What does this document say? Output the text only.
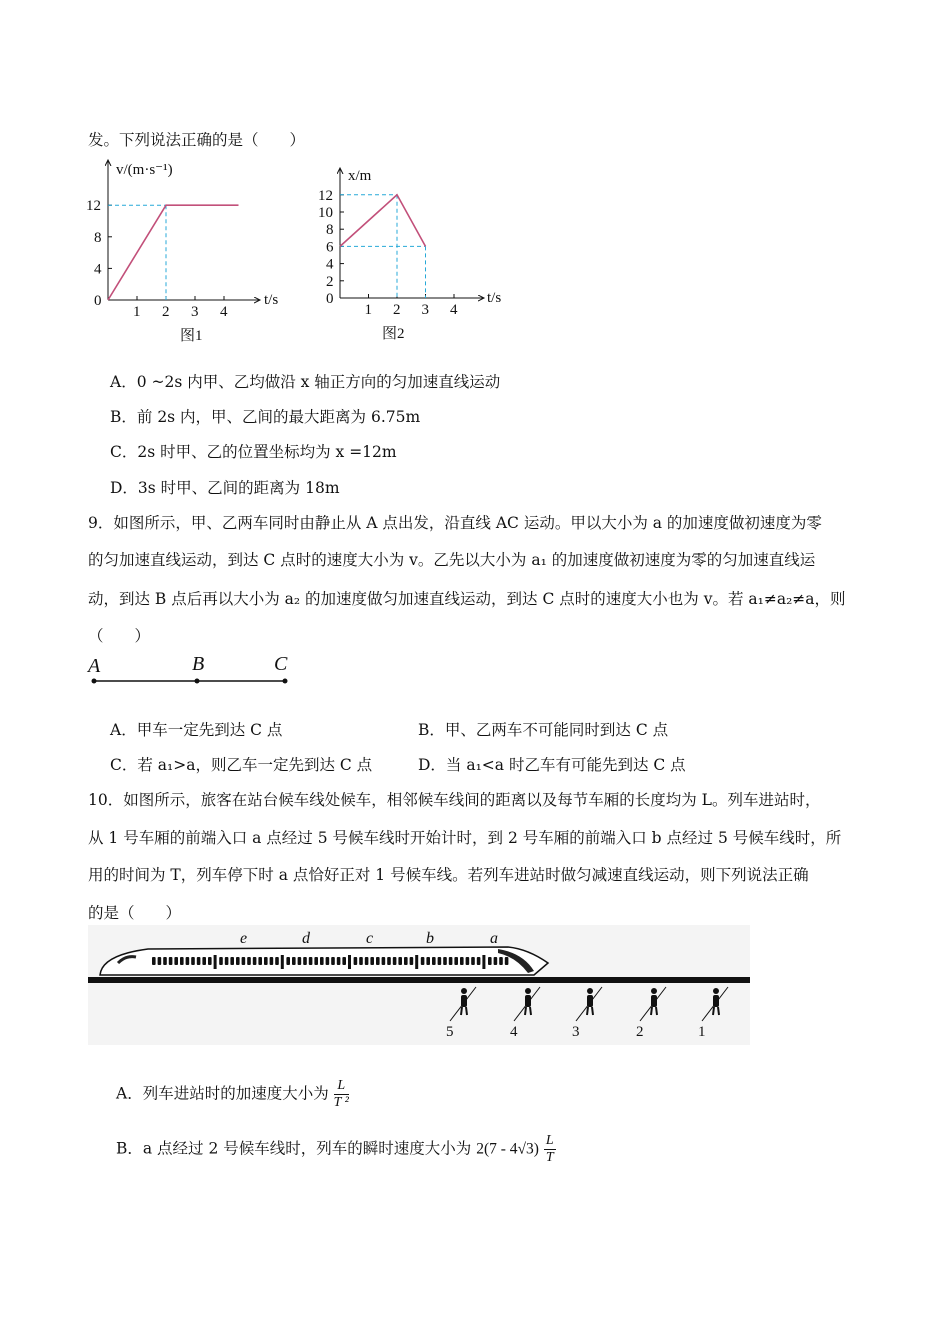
发。下列说法正确的是（　　）
1 2 3 4
12
8
4
0
v/(m·s⁻¹)
t/s
图1
1 2 3 4
12
10
8
6
4
2
0
x/m
t/s
图2
A．0 ~2s 内甲、乙均做沿 x 轴正方向的匀加速直线运动
B．前 2s 内，甲、乙间的最大距离为 6.75m
C．2s 时甲、乙的位置坐标均为 x =12m
D．3s 时甲、乙间的距离为 18m
9．如图所示，甲、乙两车同时由静止从 A 点出发，沿直线 AC 运动。甲以大小为 a 的加速度做初速度为零
的匀加速直线运动，到达 C 点时的速度大小为 v。乙先以大小为 a₁ 的加速度做初速度为零的匀加速直线运
动，到达 B 点后再以大小为 a₂ 的加速度做匀加速直线运动，到达 C 点时的速度大小也为 v。若 a₁≠a₂≠a，则
（　　）
A	B	C
A．甲车一定先到达 C 点	B．甲、乙两车不可能同时到达 C 点
C．若 a₁>a，则乙车一定先到达 C 点	D．当 a₁<a 时乙车有可能先到达 C 点
10．如图所示，旅客在站台候车线处候车，相邻候车线间的距离以及每节车厢的长度均为 L。列车进站时，
从 1 号车厢的前端入口 a 点经过 5 号候车线时开始计时，到 2 号车厢的前端入口 b 点经过 5 号候车线时，所
用的时间为 T，列车停下时 a 点恰好正对 1 号候车线。若列车进站时做匀减速直线运动，则下列说法正确
的是（　　）
e	d	c	b	a
5	4	3	2	1
A．列车进站时的加速度大小为 $\frac{L}{\text{T ²}}$
B．a 点经过 2 号候车线时，列车的瞬时速度大小为 $2(7 - 4√3) \frac{L}{T}$
